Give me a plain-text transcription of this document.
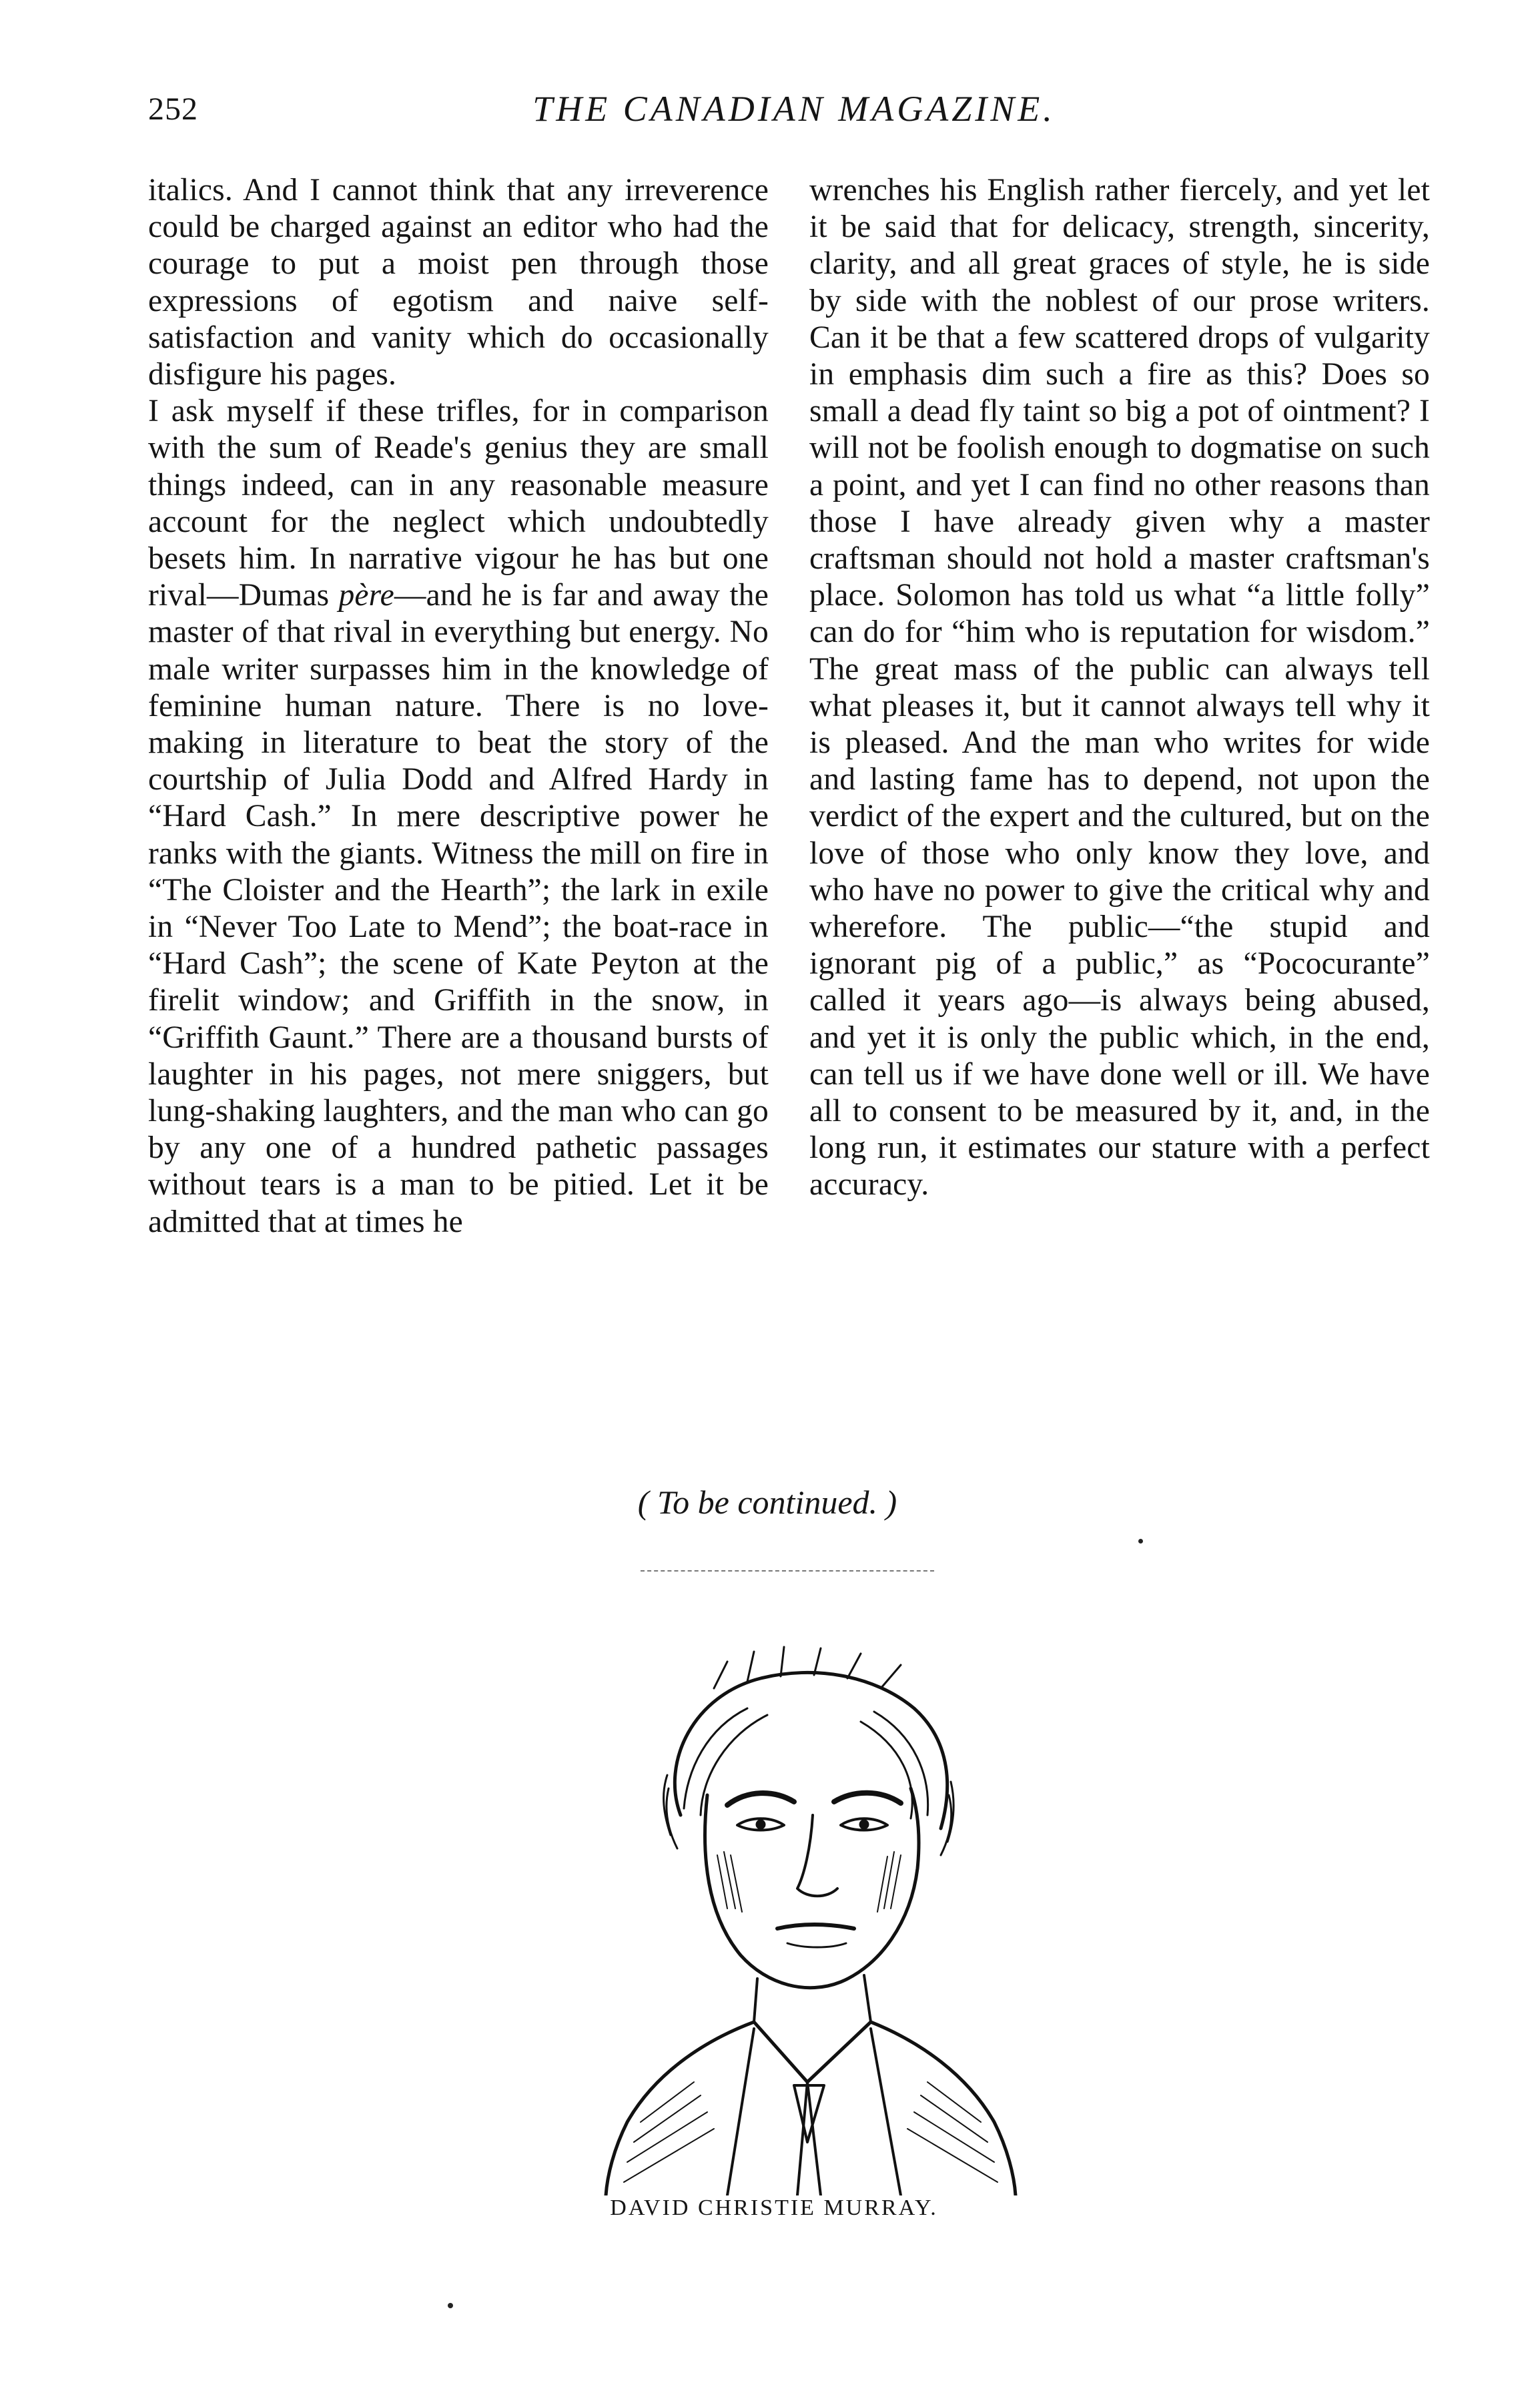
252	THE CANADIAN MAGAZINE.

italics. And I cannot think that any irreverence could be charged against an editor who had the courage to put a moist pen through those expressions of egotism and naive self-satisfaction and vanity which do occasionally disfigure his pages.

I ask myself if these trifles, for in comparison with the sum of Reade's genius they are small things indeed, can in any reasonable measure account for the neglect which undoubtedly besets him. In narrative vigour he has but one rival—Dumas père—and he is far and away the master of that rival in everything but energy. No male writer surpasses him in the knowledge of feminine human nature. There is no love-making in literature to beat the story of the courtship of Julia Dodd and Alfred Hardy in “Hard Cash.” In mere descriptive power he ranks with the giants. Witness the mill on fire in “The Cloister and the Hearth”; the lark in exile in “Never Too Late to Mend”; the boat-race in “Hard Cash”; the scene of Kate Peyton at the firelit window; and Griffith in the snow, in “Griffith Gaunt.” There are a thousand bursts of laughter in his pages, not mere sniggers, but lung-shaking laughters, and the man who can go by any one of a hundred pathetic passages without tears is a man to be pitied. Let it be admitted that at times he

wrenches his English rather fiercely, and yet let it be said that for delicacy, strength, sincerity, clarity, and all great graces of style, he is side by side with the noblest of our prose writers. Can it be that a few scattered drops of vulgarity in emphasis dim such a fire as this? Does so small a dead fly taint so big a pot of ointment? I will not be foolish enough to dogmatise on such a point, and yet I can find no other reasons than those I have already given why a master craftsman should not hold a master craftsman's place. Solomon has told us what “a little folly” can do for “him who is reputation for wisdom.” The great mass of the public can always tell what pleases it, but it cannot always tell why it is pleased. And the man who writes for wide and lasting fame has to depend, not upon the verdict of the expert and the cultured, but on the love of those who only know they love, and who have no power to give the critical why and wherefore. The public—“the stupid and ignorant pig of a public,” as “Pococurante” called it years ago—is always being abused, and yet it is only the public which, in the end, can tell us if we have done well or ill. We have all to consent to be measured by it, and, in the long run, it estimates our stature with a perfect accuracy.

( To be continued. )
DAVID CHRISTIE MURRAY.
